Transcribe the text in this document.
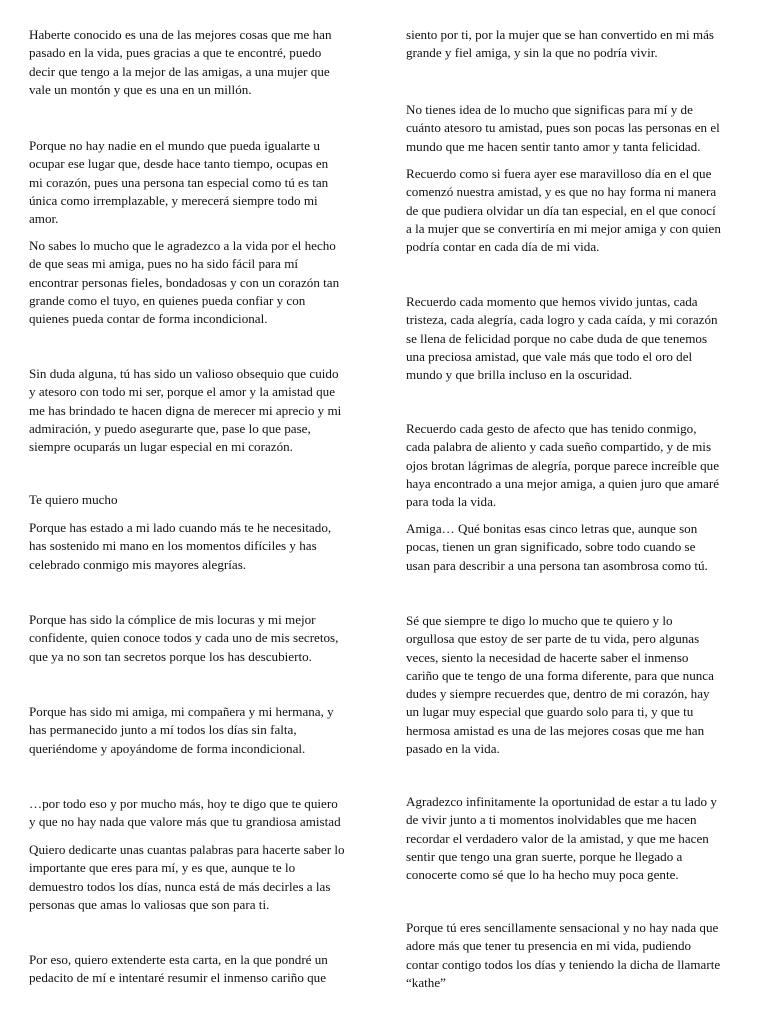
Haberte conocido es una de las mejores cosas que me han
pasado en la vida, pues gracias a que te encontré, puedo
decir que tengo a la mejor de las amigas, a una mujer que
vale un montón y que es una en un millón.

Porque no hay nadie en el mundo que pueda igualarte u
ocupar ese lugar que, desde hace tanto tiempo, ocupas en
mi corazón, pues una persona tan especial como tú es tan
única como irremplazable, y merecerá siempre todo mi
amor.

No sabes lo mucho que le agradezco a la vida por el hecho
de que seas mi amiga, pues no ha sido fácil para mí
encontrar personas fieles, bondadosas y con un corazón tan
grande como el tuyo, en quienes pueda confiar y con
quienes pueda contar de forma incondicional.

Sin duda alguna, tú has sido un valioso obsequio que cuido
y atesoro con todo mi ser, porque el amor y la amistad que
me has brindado te hacen digna de merecer mi aprecio y mi
admiración, y puedo asegurarte que, pase lo que pase,
siempre ocuparás un lugar especial en mi corazón.

Te quiero mucho

Porque has estado a mi lado cuando más te he necesitado,
has sostenido mi mano en los momentos difíciles y has
celebrado conmigo mis mayores alegrías.

Porque has sido la cómplice de mis locuras y mi mejor
confidente, quien conoce todos y cada uno de mis secretos,
que ya no son tan secretos porque los has descubierto.

Porque has sido mi amiga, mi compañera y mi hermana, y
has permanecido junto a mí todos los días sin falta,
queriéndome y apoyándome de forma incondicional.

…por todo eso y por mucho más, hoy te digo que te quiero
y que no hay nada que valore más que tu grandiosa amistad

Quiero dedicarte unas cuantas palabras para hacerte saber lo
importante que eres para mí, y es que, aunque te lo
demuestro todos los días, nunca está de más decirles a las
personas que amas lo valiosas que son para ti.

Por eso, quiero extenderte esta carta, en la que pondré un
pedacito de mí e intentaré resumir el inmenso cariño que

siento por ti, por la mujer que se han convertido en mi más
grande y fiel amiga, y sin la que no podría vivir.

No tienes idea de lo mucho que significas para mí y de
cuánto atesoro tu amistad, pues son pocas las personas en el
mundo que me hacen sentir tanto amor y tanta felicidad.

Recuerdo como si fuera ayer ese maravilloso día en el que
comenzó nuestra amistad, y es que no hay forma ni manera
de que pudiera olvidar un día tan especial, en el que conocí
a la mujer que se convertiría en mi mejor amiga y con quien
podría contar en cada día de mi vida.

Recuerdo cada momento que hemos vivido juntas, cada
tristeza, cada alegría, cada logro y cada caída, y mi corazón
se llena de felicidad porque no cabe duda de que tenemos
una preciosa amistad, que vale más que todo el oro del
mundo y que brilla incluso en la oscuridad.

Recuerdo cada gesto de afecto que has tenido conmigo,
cada palabra de aliento y cada sueño compartido, y de mis
ojos brotan lágrimas de alegría, porque parece increíble que
haya encontrado a una mejor amiga, a quien juro que amaré
para toda la vida.

Amiga… Qué bonitas esas cinco letras que, aunque son
pocas, tienen un gran significado, sobre todo cuando se
usan para describir a una persona tan asombrosa como tú.

Sé que siempre te digo lo mucho que te quiero y lo
orgullosa que estoy de ser parte de tu vida, pero algunas
veces, siento la necesidad de hacerte saber el inmenso
cariño que te tengo de una forma diferente, para que nunca
dudes y siempre recuerdes que, dentro de mi corazón, hay
un lugar muy especial que guardo solo para ti, y que tu
hermosa amistad es una de las mejores cosas que me han
pasado en la vida.

Agradezco infinitamente la oportunidad de estar a tu lado y
de vivir junto a ti momentos inolvidables que me hacen
recordar el verdadero valor de la amistad, y que me hacen
sentir que tengo una gran suerte, porque he llegado a
conocerte como sé que lo ha hecho muy poca gente.

Porque tú eres sencillamente sensacional y no hay nada que
adore más que tener tu presencia en mi vida, pudiendo
contar contigo todos los días y teniendo la dicha de llamarte
“kathe”
